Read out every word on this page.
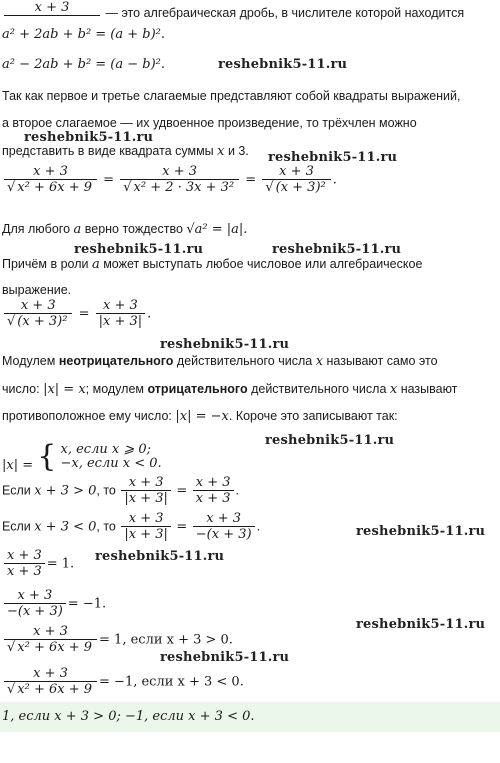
x + 3	— это алгебраическая дробь, в числителе которой находится
a² + 2ab + b² = (a + b)².
a² − 2ab + b² = (a − b)².	reshebnik5-11.ru
Так как первое и третье слагаемые представляют собой квадраты выражений,
а второе слагаемое — их удвоенное произведение, то трёхчлен можно
reshebnik5-11.ru
представить в виде квадрата суммы x и 3. reshebnik5-11.ru
$\frac{x + 3}{\text{√ x² + 6x + 9}} = \frac{x + 3}{\text{√ x² + 2 · 3x + 3²}} = \frac{x + 3}{\text{√ (x + 3)²}}$ .
Для любого a верно тождество √a² = |a|.
reshebnik5-11.ru	reshebnik5-11.ru
Причём в роли a может выступать любое числовое или алгебраическое
выражение.
$\frac{x + 3}{\text{√ (x + 3)²}} = \frac{x + 3}{|x + 3|}$ .
reshebnik5-11.ru
Модулем неотрицательного действительного числа x называют само это
число: |x| = x; модулем отрицательного действительного числа x называют
противоположное ему число: |x| = −x. Короче это записывают так:
|x| = { x, если x ⩾ 0;
−x, если x < 0.
reshebnik5-11.ru
Если x + 3 > 0, то $\frac{x + 3}{|x + 3|} = \frac{x + 3}{x + 3}$ .
Если x + 3 < 0, то $\frac{x + 3}{|x + 3|} = \frac{x + 3}{-(x + 3)}$ .	reshebnik5-11.ru
$\frac{x + 3}{x + 3} = 1$. reshebnik5-11.ru
$\frac{x + 3}{-(x + 3)} = -1$.
$\frac{x + 3}{\text{√ x² + 6x + 9}} = 1$, если x + 3 > 0.
reshebnik5-11.ru
reshebnik5-11.ru
$\frac{x + 3}{\text{√ x² + 6x + 9}} = -1$, если x + 3 < 0.
1, если x + 3 > 0; −1, если x + 3 < 0.
